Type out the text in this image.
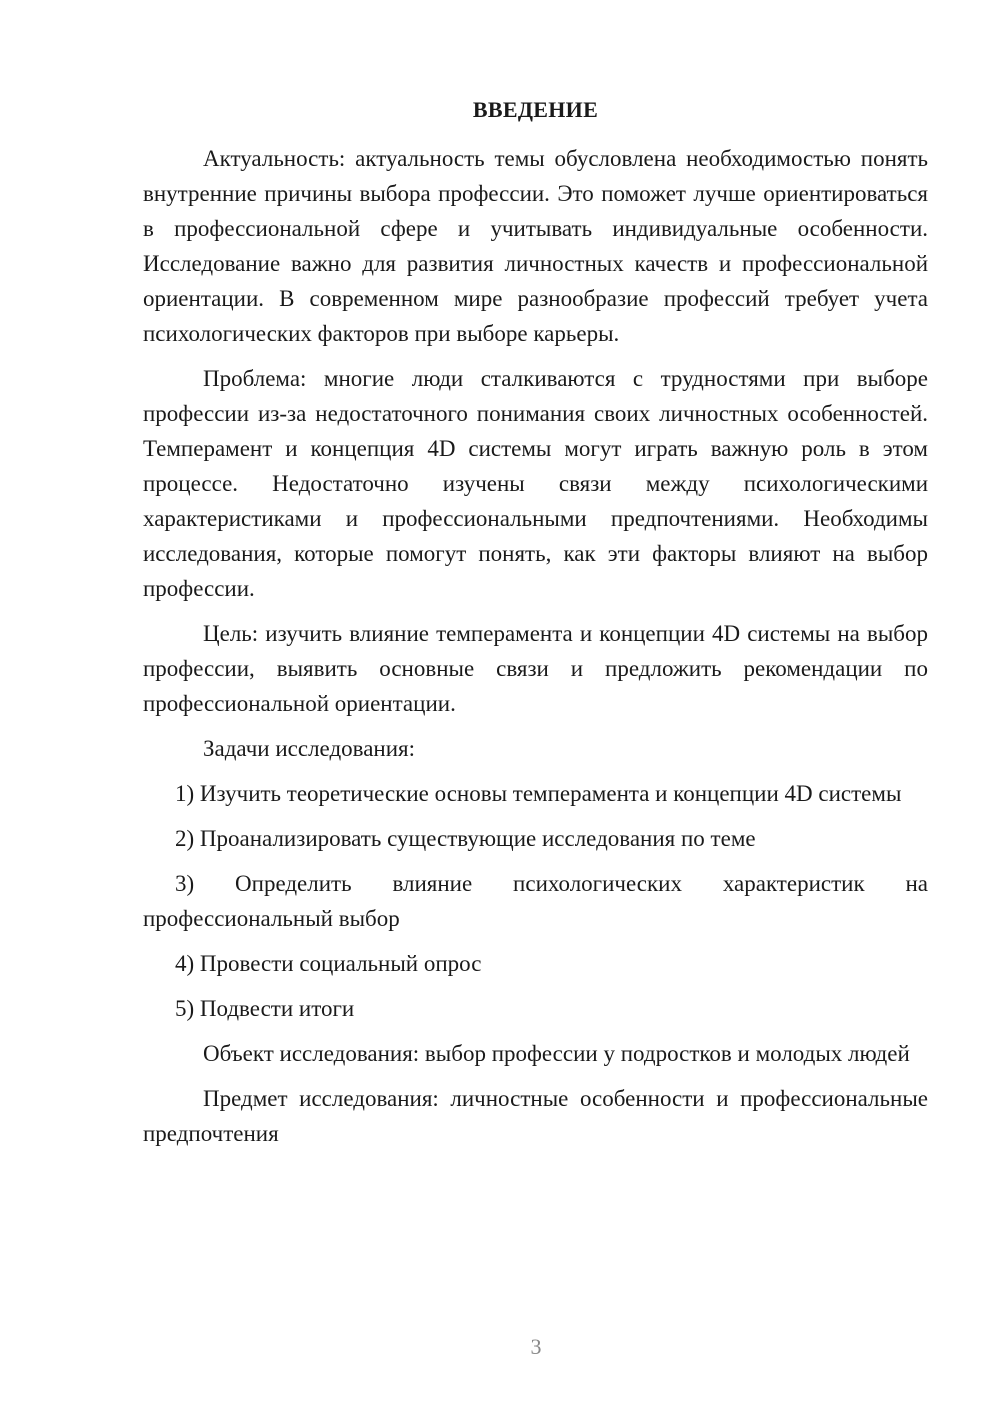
ВВЕДЕНИЕ

Актуальность: актуальность темы обусловлена необходимостью понять внутренние причины выбора профессии. Это поможет лучше ориентироваться в профессиональной сфере и учитывать индивидуальные особенности. Исследование важно для развития личностных качеств и профессиональной ориентации. В современном мире разнообразие профессий требует учета психологических факторов при выборе карьеры.

Проблема: многие люди сталкиваются с трудностями при выборе профессии из-за недостаточного понимания своих личностных особенностей. Темперамент и концепция 4D системы могут играть важную роль в этом процессе. Недостаточно изучены связи между психологическими характеристиками и профессиональными предпочтениями. Необходимы исследования, которые помогут понять, как эти факторы влияют на выбор профессии.

Цель: изучить влияние темперамента и концепции 4D системы на выбор профессии, выявить основные связи и предложить рекомендации по профессиональной ориентации.

Задачи исследования:

1) Изучить теоретические основы темперамента и концепции 4D системы

2) Проанализировать существующие исследования по теме

3) Определить влияние психологических характеристик на профессиональный выбор

4) Провести социальный опрос

5) Подвести итоги

Объект исследования: выбор профессии у подростков и молодых людей

Предмет исследования: личностные особенности и профессиональные предпочтения

3
